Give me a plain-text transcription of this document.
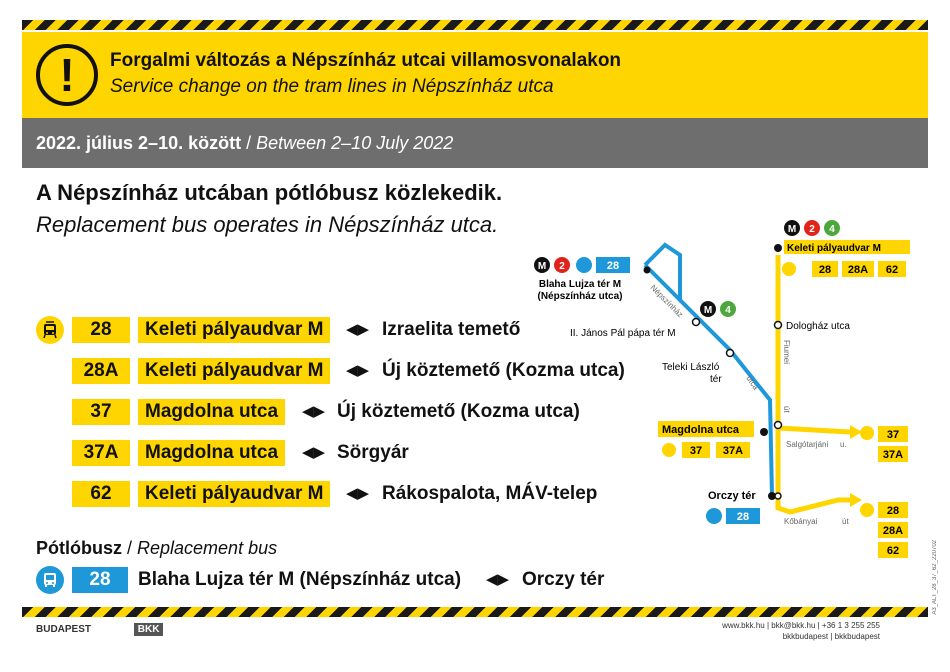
!	Forgalmi változás a Népszínház utcai villamosvonalakon
Service change on the tram lines in Népszínház utca
2022. július 2–10. között / Between 2–10 July 2022
A Népszínház utcában pótlóbusz közlekedik.
Replacement bus operates in Népszínház utca.
28	Keleti pályaudvar M	◀▶ Izraelita temető
28A	Keleti pályaudvar M	◀▶ Új köztemető (Kozma utca)
37	Magdolna utca	◀▶ Új köztemető (Kozma utca)
37A	Magdolna utca	◀▶ Sörgyár
62	Keleti pályaudvar M	◀▶ Rákospalota, MÁV-telep
Pótlóbusz / Replacement bus
28	Blaha Lujza tér M (Népszínház utca) ◀▶ Orczy tér
M 2	28
Blaha Lujza tér M
(Népszínház utca)	Népszínház M 4
II. János Pál pápa tér M
Teleki László
tér	utca
M 2 4
Keleti pályaudvar M
28 28A 62
Dologház utca
Fiumei
út
Magdolna utca
37 37A
Salgótarjáni u.
37
37A
Orczy tér
28	Kőbányai	út
28
28A
62
BUDAPEST	BKK	www.bkk.hu | bkk@bkk.hu | +36 1 3 255 255
bkkbudapest | bkkbudapest
A3_ALT_28_37_62_220702
